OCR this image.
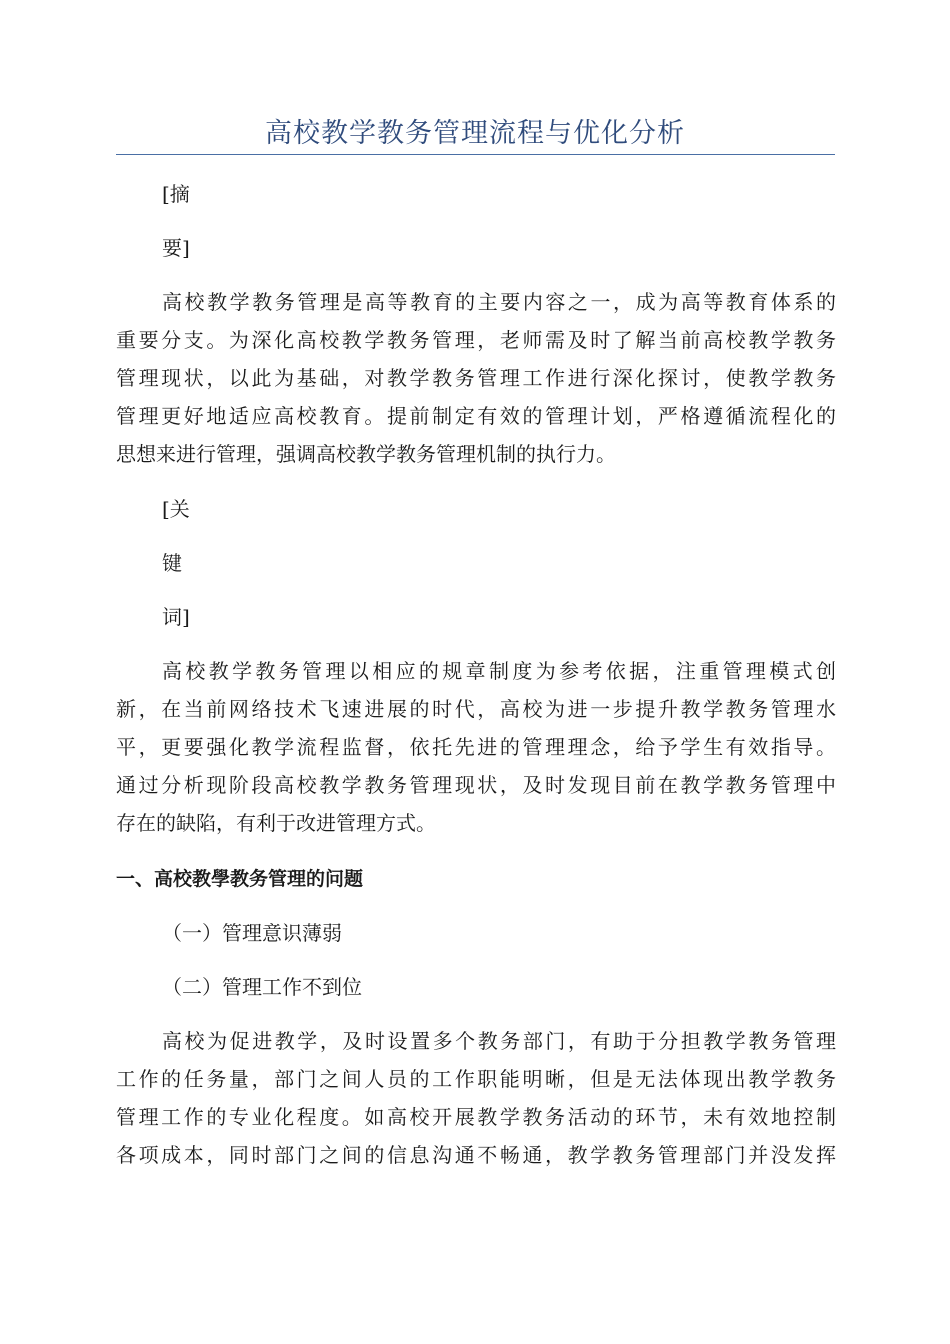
高校教学教务管理流程与优化分析
[摘
要]
高校教学教务管理是高等教育的主要内容之一，成为高等教育体系的
重要分支。为深化高校教学教务管理，老师需及时了解当前高校教学教务
管理现状，以此为基础，对教学教务管理工作进行深化探讨，使教学教务
管理更好地适应高校教育。提前制定有效的管理计划，严格遵循流程化的
思想来进行管理，强调高校教学教务管理机制的执行力。
[关
键
词]
高校教学教务管理以相应的规章制度为参考依据，注重管理模式创
新，在当前网络技术飞速进展的时代，高校为进一步提升教学教务管理水
平，更要强化教学流程监督，依托先进的管理理念，给予学生有效指导。
通过分析现阶段高校教学教务管理现状，及时发现目前在教学教务管理中
存在的缺陷，有利于改进管理方式。
一、高校教學教务管理的问题
（一）管理意识薄弱
（二）管理工作不到位
高校为促进教学，及时设置多个教务部门，有助于分担教学教务管理
工作的任务量，部门之间人员的工作职能明晰，但是无法体现出教学教务
管理工作的专业化程度。如高校开展教学教务活动的环节，未有效地控制
各项成本，同时部门之间的信息沟通不畅通，教学教务管理部门并没发挥
